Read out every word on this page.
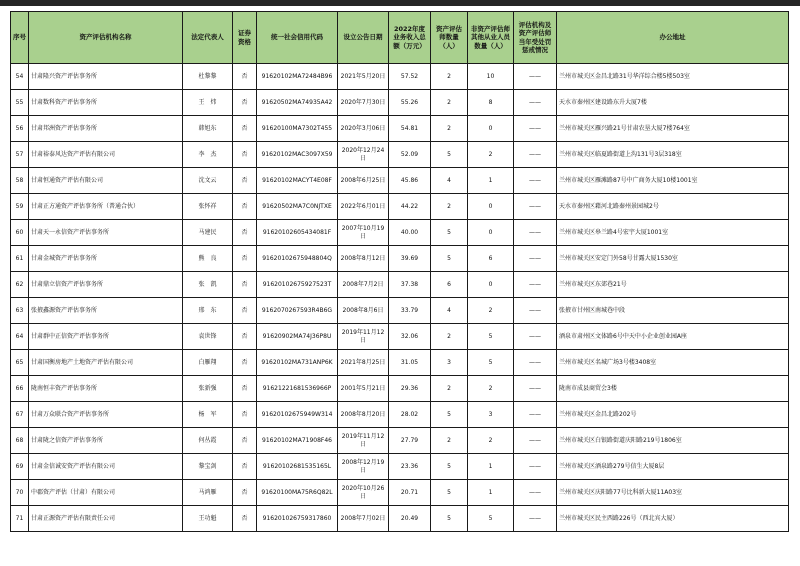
序号	资产评估机构名称	法定代表人	证券资格	统一社会信用代码	设立公告日期	2022年度业务收入总额（万元）	资产评估师数量（人）	非资产评估师其他从业人员数量（人）	评估机构及资产评估师当年受处罚惩戒情况	办公地址
54	甘肃隆兴资产评估事务所	杜黎黎	否	91620102MA72484B96	2021年5月20日	57.52	2	10	——	兰州市城关区金昌北路31号华洋综合楼5楼503室
55	甘肃数科资产评估事务所	王　炜	否	91620502MA74935A42	2020年7月30日	55.26	2	8	——	天水市秦州区建设路东升大厦7楼
56	甘肃邦洲资产评估事务所	韩旭东	否	91620100MA7302T455	2020年3月06日	54.81	2	0	——	兰州市城关区雁兴路21号甘肃农垦大厦7楼764室
57	甘肃裕泰风达资产评估有限公司	李　杰	否	91620102MAC3097X59	2020年12月24日	52.09	5	2	——	兰州市城关区临夏路街道上沟131号3层318室
58	甘肃恒通资产评估有限公司	沈文云	否	91620102MACYT4E08F	2008年6月25日	45.86	4	1	——	兰州市城关区雁滩路87号中广商务大厦10楼1001室
59	甘肃正方通资产评估事务所（普通合伙）	张怀祥	否	91620502MA7C0NJTXE	2022年6月01日	44.22	2	0	——	天水市秦州区藉河北路秦州景园城2号
60	甘肃天一永信资产评估事务所	马建民	否	91620102605434081F	2007年10月19日	40.00	5	0	——	兰州市城关区皋兰路4号宏宇大厦1001室
61	甘肃金城资产评估事务所	熊　良	否	91620102675948804Q	2008年8月12日	39.69	5	6	——	兰州市城关区安定门外58号甘露大厦1530室
62	甘肃鼎立信资产评估事务所	张　凯	否	91620102675927523T	2008年7月2日	37.38	6	0	——	兰州市城关区东郊巷21号
63	张掖鑫源资产评估事务所	邢　东	否	9162070267593R4B6G	2008年8月6日	33.79	4	2	——	张掖市甘州区南城巷中段
64	甘肃群中正信资产评估事务所	袁世锋	否	91620902MA74J36P8U	2019年11月12日	32.06	2	5	——	酒泉市肃州区文体路6号中天中小企业创业园A座
65	甘肃国衡房地产土地资产评估有限公司	白雁翔	否	91620102MA731ANP6K	2021年8月25日	31.05	3	5	——	兰州市城关区名城广场3号楼3408室
66	陇南恒丰资产评估事务所	张新强	否	91621221681536966P	2001年5月21日	29.36	2	2	——	陇南市成县商贸会3楼
67	甘肃万众联合资产评估事务所	杨　军	否	91620102675949W314	2008年8月20日	28.02	5	3	——	兰州市城关区金昌北路202号
68	甘肃陇之信资产评估事务所	何丛霞	否	91620102MA71908F46	2019年11月12日	27.79	2	2	——	兰州市城关区白银路街道庆阳路219号1806室
69	甘肃金信诚安资产评估有限公司	黎宝剑	否	91620102681535165L	2008年12月19日	23.36	5	1	——	兰州市城关区酒泉路279号信生大厦8层
70	中郡资产评估（甘肃）有限公司	马鸿雁	否	91620100MA75R6Q82L	2020年10月26日	20.71	5	1	——	兰州市城关区庆阳路77号比科新大厦11A03室
71	甘肃正源资产评估有限责任公司	王功魁	否	916201026759317860	2008年7月02日	20.49	5	5	——	兰州市城关区民主西路226号（西北宾大厦）
